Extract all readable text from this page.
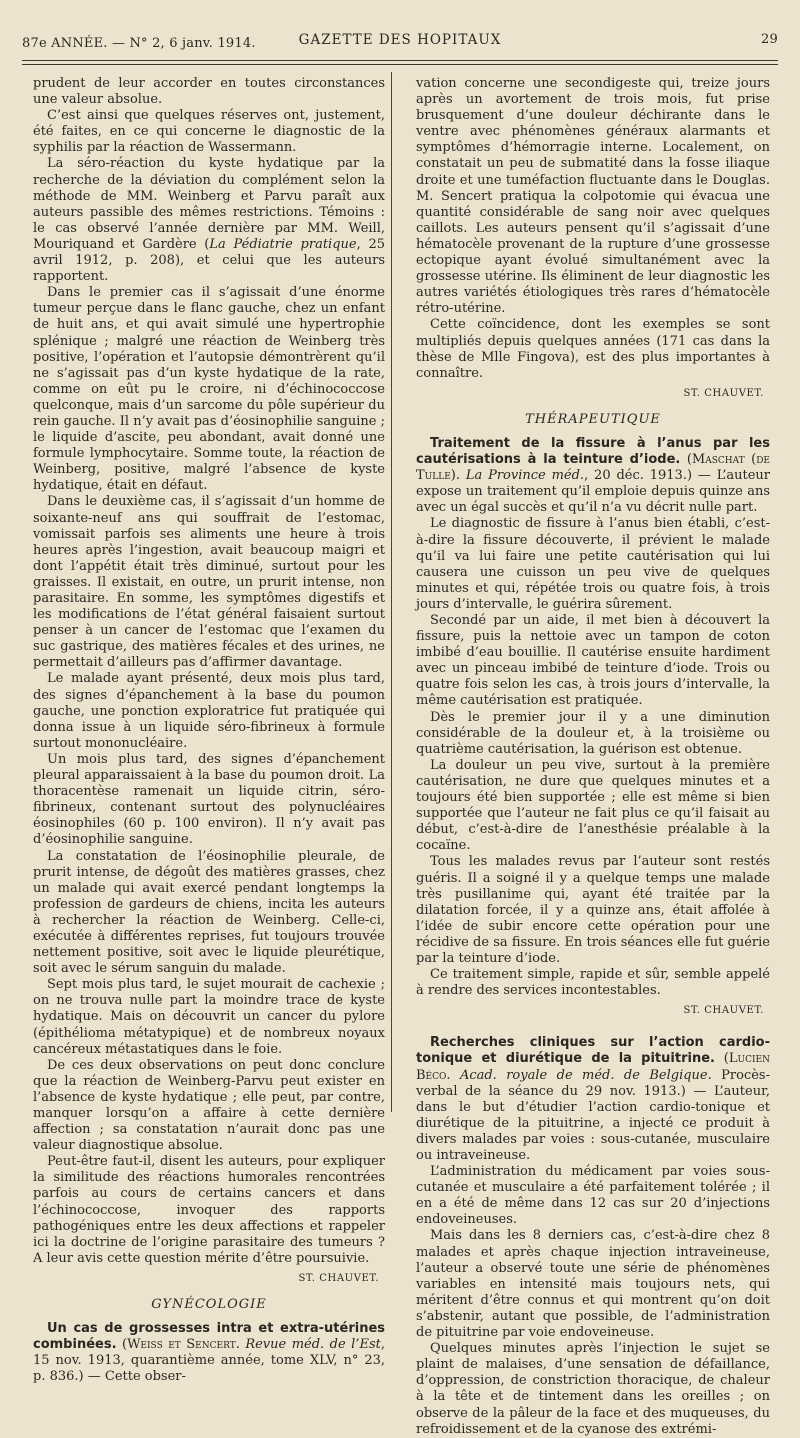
87e ANNÉE. — N° 2, 6 janv. 1914.	GAZETTE DES HOPITAUX	29

prudent de leur accorder en toutes circonstances une valeur absolue.

C’est ainsi que quelques réserves ont, justement, été faites, en ce qui concerne le diagnostic de la syphilis par la réaction de Wassermann.

La séro-réaction du kyste hydatique par la recherche de la déviation du complément selon la méthode de MM. Weinberg et Parvu paraît aux auteurs passible des mêmes restrictions. Témoins : le cas observé l’année dernière par MM. Weill, Mouriquand et Gardère (La Pédiatrie pratique, 25 avril 1912, p. 208), et celui que les auteurs rapportent.

Dans le premier cas il s’agissait d’une énorme tumeur perçue dans le flanc gauche, chez un enfant de huit ans, et qui avait simulé une hypertrophie splénique ; malgré une réaction de Weinberg très positive, l’opération et l’autopsie démontrèrent qu’il ne s’agissait pas d’un kyste hydatique de la rate, comme on eût pu le croire, ni d’échinococcose quelconque, mais d’un sarcome du pôle supérieur du rein gauche. Il n’y avait pas d’éosinophilie sanguine ; le liquide d’ascite, peu abondant, avait donné une formule lymphocytaire. Somme toute, la réaction de Weinberg, positive, malgré l’absence de kyste hydatique, était en défaut.

Dans le deuxième cas, il s’agissait d’un homme de soixante-neuf ans qui souffrait de l’estomac, vomissait parfois ses aliments une heure à trois heures après l’ingestion, avait beaucoup maigri et dont l’appétit était très diminué, surtout pour les graisses. Il existait, en outre, un prurit intense, non parasitaire. En somme, les symptômes digestifs et les modifications de l’état général faisaient surtout penser à un cancer de l’estomac que l’examen du suc gastrique, des matières fécales et des urines, ne permettait d’ailleurs pas d’affirmer davantage.

Le malade ayant présenté, deux mois plus tard, des signes d’épanchement à la base du poumon gauche, une ponction exploratrice fut pratiquée qui donna issue à un liquide séro-fibrineux à formule surtout mononucléaire.

Un mois plus tard, des signes d’épanchement pleural apparaissaient à la base du poumon droit. La thoracentèse ramenait un liquide citrin, séro-fibrineux, contenant surtout des polynucléaires éosinophiles (60 p. 100 environ). Il n’y avait pas d’éosinophilie sanguine.

La constatation de l’éosinophilie pleurale, de prurit intense, de dégoût des matières grasses, chez un malade qui avait exercé pendant longtemps la profession de gardeurs de chiens, incita les auteurs à rechercher la réaction de Weinberg. Celle-ci, exécutée à différentes reprises, fut toujours trouvée nettement positive, soit avec le liquide pleurétique, soit avec le sérum sanguin du malade.

Sept mois plus tard, le sujet mourait de cachexie ; on ne trouva nulle part la moindre trace de kyste hydatique. Mais on découvrit un cancer du pylore (épithélioma métatypique) et de nombreux noyaux cancéreux métastatiques dans le foie.

De ces deux observations on peut donc conclure que la réaction de Weinberg-Parvu peut exister en l’absence de kyste hydatique ; elle peut, par contre, manquer lorsqu’on a affaire à cette dernière affection ; sa constatation n’aurait donc pas une valeur diagnostique absolue.

Peut-être faut-il, disent les auteurs, pour expliquer la similitude des réactions humorales rencontrées parfois au cours de certains cancers et dans l’échinococcose, invoquer des rapports pathogéniques entre les deux affections et rappeler ici la doctrine de l’origine parasitaire des tumeurs ? A leur avis cette question mérite d’être poursuivie.

ST. CHAUVET.

GYNÉCOLOGIE

Un cas de grossesses intra et extra-utérines combinées. (Weiss et Sencert. Revue méd. de l’Est, 15 nov. 1913, quarantième année, tome XLV, n° 23, p. 836.) — Cette obser-

vation concerne une secondigeste qui, treize jours après un avortement de trois mois, fut prise brusquement d’une douleur déchirante dans le ventre avec phénomènes généraux alarmants et symptômes d’hémorragie interne. Localement, on constatait un peu de submatité dans la fosse iliaque droite et une tuméfaction fluctuante dans le Douglas. M. Sencert pratiqua la colpotomie qui évacua une quantité considérable de sang noir avec quelques caillots. Les auteurs pensent qu’il s’agissait d’une hématocèle provenant de la rupture d’une grossesse ectopique ayant évolué simultanément avec la grossesse utérine. Ils éliminent de leur diagnostic les autres variétés étiologiques très rares d’hématocèle rétro-utérine.

Cette coïncidence, dont les exemples se sont multipliés depuis quelques années (171 cas dans la thèse de Mlle Fingova), est des plus importantes à connaître.

ST. CHAUVET.

THÉRAPEUTIQUE

Traitement de la fissure à l’anus par les cautérisations à la teinture d’iode. (Maschat (de Tulle). La Province méd., 20 déc. 1913.) — L’auteur expose un traitement qu’il emploie depuis quinze ans avec un égal succès et qu’il n’a vu décrit nulle part.

Le diagnostic de fissure à l’anus bien établi, c’est-à-dire la fissure découverte, il prévient le malade qu’il va lui faire une petite cautérisation qui lui causera une cuisson un peu vive de quelques minutes et qui, répétée trois ou quatre fois, à trois jours d’intervalle, le guérira sûrement.

Secondé par un aide, il met bien à découvert la fissure, puis la nettoie avec un tampon de coton imbibé d’eau bouillie. Il cautérise ensuite hardiment avec un pinceau imbibé de teinture d’iode. Trois ou quatre fois selon les cas, à trois jours d’intervalle, la même cautérisation est pratiquée.

Dès le premier jour il y a une diminution considérable de la douleur et, à la troisième ou quatrième cautérisation, la guérison est obtenue.

La douleur un peu vive, surtout à la première cautérisation, ne dure que quelques minutes et a toujours été bien supportée ; elle est même si bien supportée que l’auteur ne fait plus ce qu’il faisait au début, c’est-à-dire de l’anesthésie préalable à la cocaïne.

Tous les malades revus par l’auteur sont restés guéris. Il a soigné il y a quelque temps une malade très pusillanime qui, ayant été traitée par la dilatation forcée, il y a quinze ans, était affolée à l’idée de subir encore cette opération pour une récidive de sa fissure. En trois séances elle fut guérie par la teinture d’iode.

Ce traitement simple, rapide et sûr, semble appelé à rendre des services incontestables.

ST. CHAUVET.

Recherches cliniques sur l’action cardio-tonique et diurétique de la pituitrine. (Lucien Béco. Acad. royale de méd. de Belgique. Procès-verbal de la séance du 29 nov. 1913.) — L’auteur, dans le but d’étudier l’action cardio-tonique et diurétique de la pituitrine, a injecté ce produit à divers malades par voies : sous-cutanée, musculaire ou intraveineuse.

L’administration du médicament par voies sous-cutanée et musculaire a été parfaitement tolérée ; il en a été de même dans 12 cas sur 20 d’injections endoveineuses.

Mais dans les 8 derniers cas, c’est-à-dire chez 8 malades et après chaque injection intraveineuse, l’auteur a observé toute une série de phénomènes variables en intensité mais toujours nets, qui méritent d’être connus et qui montrent qu’on doit s’abstenir, autant que possible, de l’administration de pituitrine par voie endoveineuse.

Quelques minutes après l’injection le sujet se plaint de malaises, d’une sensation de défaillance, d’oppression, de constriction thoracique, de chaleur à la tête et de tintement dans les oreilles ; on observe de la pâleur de la face et des muqueuses, du refroidissement et de la cyanose des extrémi-
